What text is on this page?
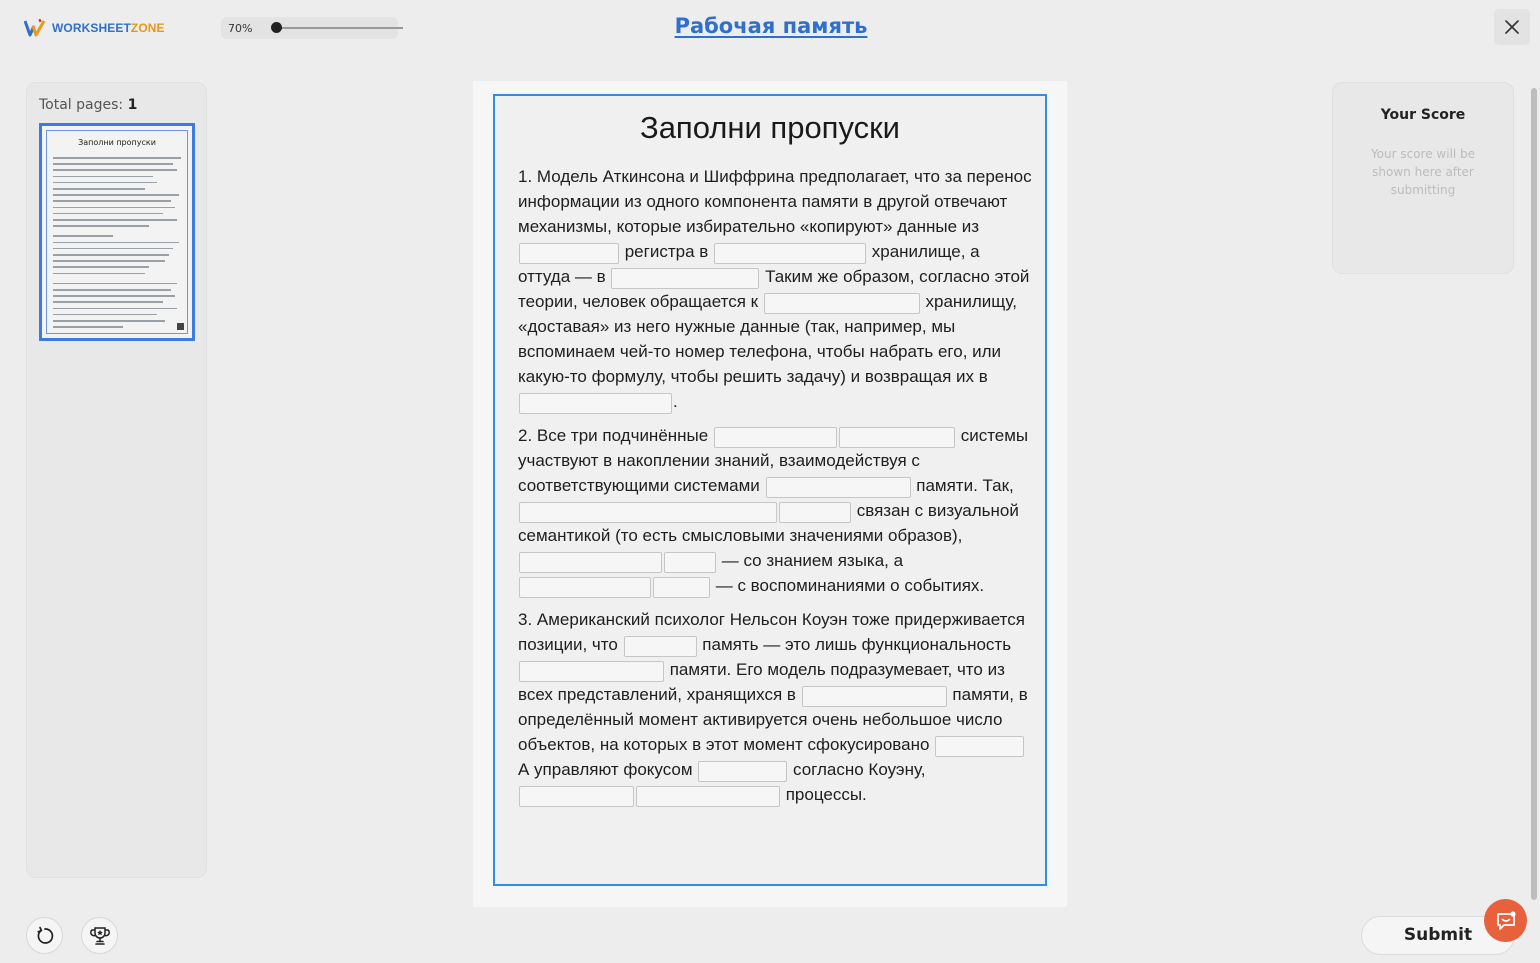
WORKSHEETZONE	70%	Рабочая память
Total pages: 1
Заполни пропуски	Заполни пропуски
1. Модель Аткинсона и Шиффрина предполагает, что за перенос информации из одного компонента памяти в другой отвечают механизмы, которые избирательно «копируют» данные из  регистра в	хранилище, а оттуда — в	Таким же образом, согласно этой теории, человек обращается к	хранилищу, «доставая» из него нужные данные (так, например, мы вспоминаем чей-то номер телефона, чтобы набрать его, или какую-то формулу, чтобы решить задачу) и возвращая их в .
2. Все три подчинённые	системы участвуют в накоплении знаний, взаимодействуя с соответствующими системами	памяти. Так,  связан с визуальной семантикой (то есть смысловыми значениями образов),  — со знанием языка, а  — с воспоминаниями о событиях.
3. Американский психолог Нельсон Коуэн тоже придерживается позиции, что	память — это лишь функциональность  памяти. Его модель подразумевает, что из всех представлений, хранящихся в	памяти, в определённый момент активируется очень небольшое число объектов, на которых в этот момент сфокусировано	А управляют фокусом	согласно Коуэну,  процессы.
Your Score
Your score will be shown here after submitting
Submit
